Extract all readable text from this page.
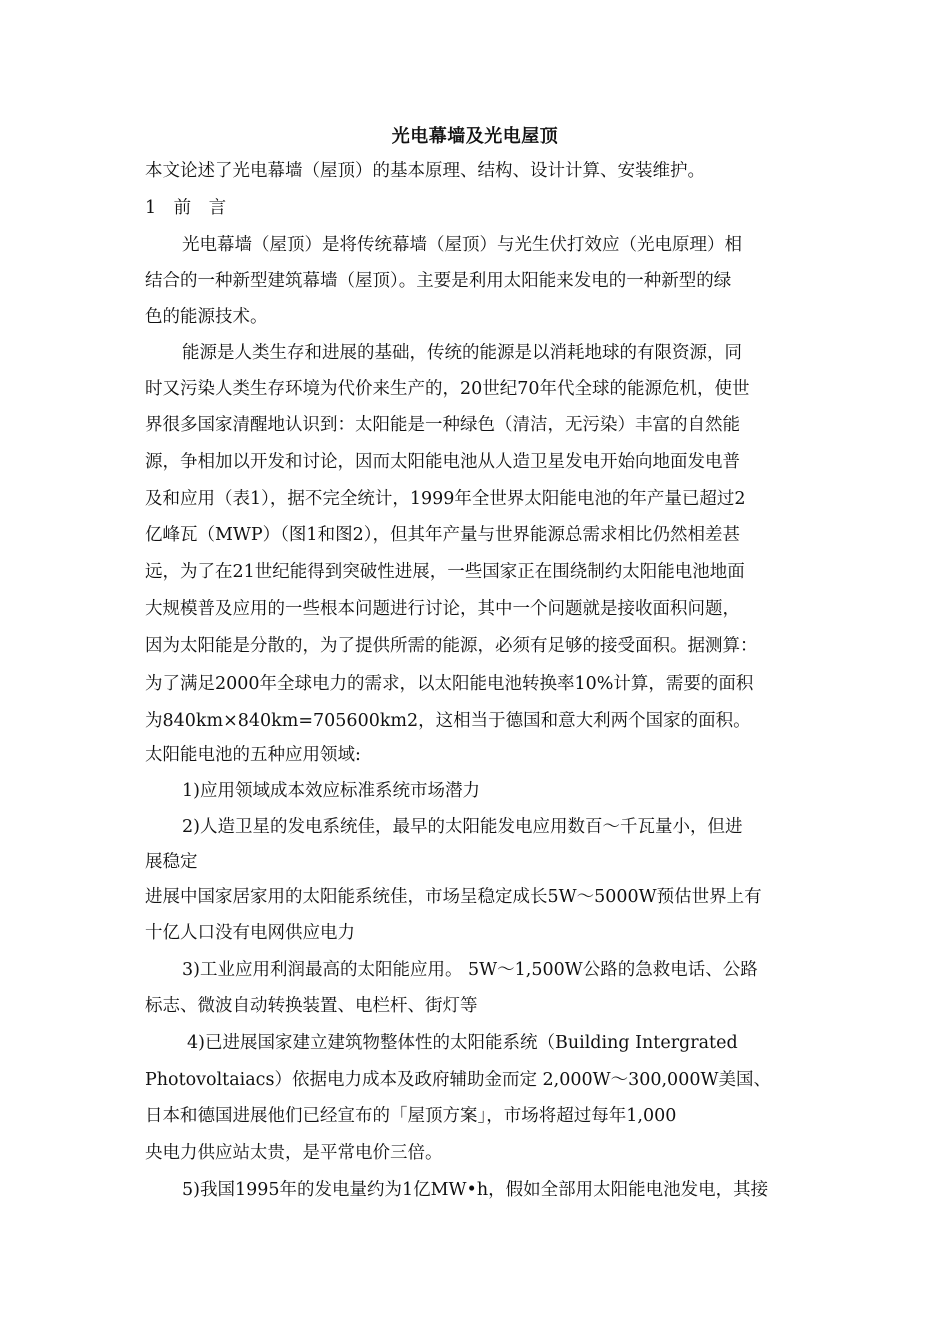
光电幕墙及光电屋顶
本文论述了光电幕墙（屋顶）的基本原理、结构、设计计算、安装维护。
1　前　言
光电幕墙（屋顶）是将传统幕墙（屋顶）与光生伏打效应（光电原理）相
结合的一种新型建筑幕墙（屋顶）。主要是利用太阳能来发电的一种新型的绿
色的能源技术。
能源是人类生存和进展的基础，传统的能源是以消耗地球的有限资源，同
时又污染人类生存环境为代价来生产的，20世纪70年代全球的能源危机，使世
界很多国家清醒地认识到：太阳能是一种绿色（清洁，无污染）丰富的自然能
源，争相加以开发和讨论，因而太阳能电池从人造卫星发电开始向地面发电普
及和应用（表1），据不完全统计，1999年全世界太阳能电池的年产量已超过2
亿峰瓦（MWP）（图1和图2），但其年产量与世界能源总需求相比仍然相差甚
远，为了在21世纪能得到突破性进展，一些国家正在围绕制约太阳能电池地面
大规模普及应用的一些根本问题进行讨论，其中一个问题就是接收面积问题，
因为太阳能是分散的，为了提供所需的能源，必须有足够的接受面积。据测算：
为了满足2000年全球电力的需求，以太阳能电池转换率10%计算，需要的面积
为840km×840km=705600km2，这相当于德国和意大利两个国家的面积。
太阳能电池的五种应用领域:
1)应用领域成本效应标准系统市场潜力
2)人造卫星的发电系统佳，最早的太阳能发电应用数百～千瓦量小，但进
展稳定
进展中国家居家用的太阳能系统佳，市场呈稳定成长5W～5000W预估世界上有
十亿人口没有电网供应电力
3)工业应用利润最高的太阳能应用。 5W～1,500W公路的急救电话、公路
标志、微波自动转换装置、电栏杆、街灯等
4)已进展国家建立建筑物整体性的太阳能系统（Building Intergrated
Photovoltaiacs）依据电力成本及政府辅助金而定 2,000W～300,000W美国、
日本和德国进展他们已经宣布的「屋顶方案」，市场将超过每年1,000
央电力供应站太贵，是平常电价三倍。
5)我国1995年的发电量约为1亿MW•h，假如全部用太阳能电池发电，其接
